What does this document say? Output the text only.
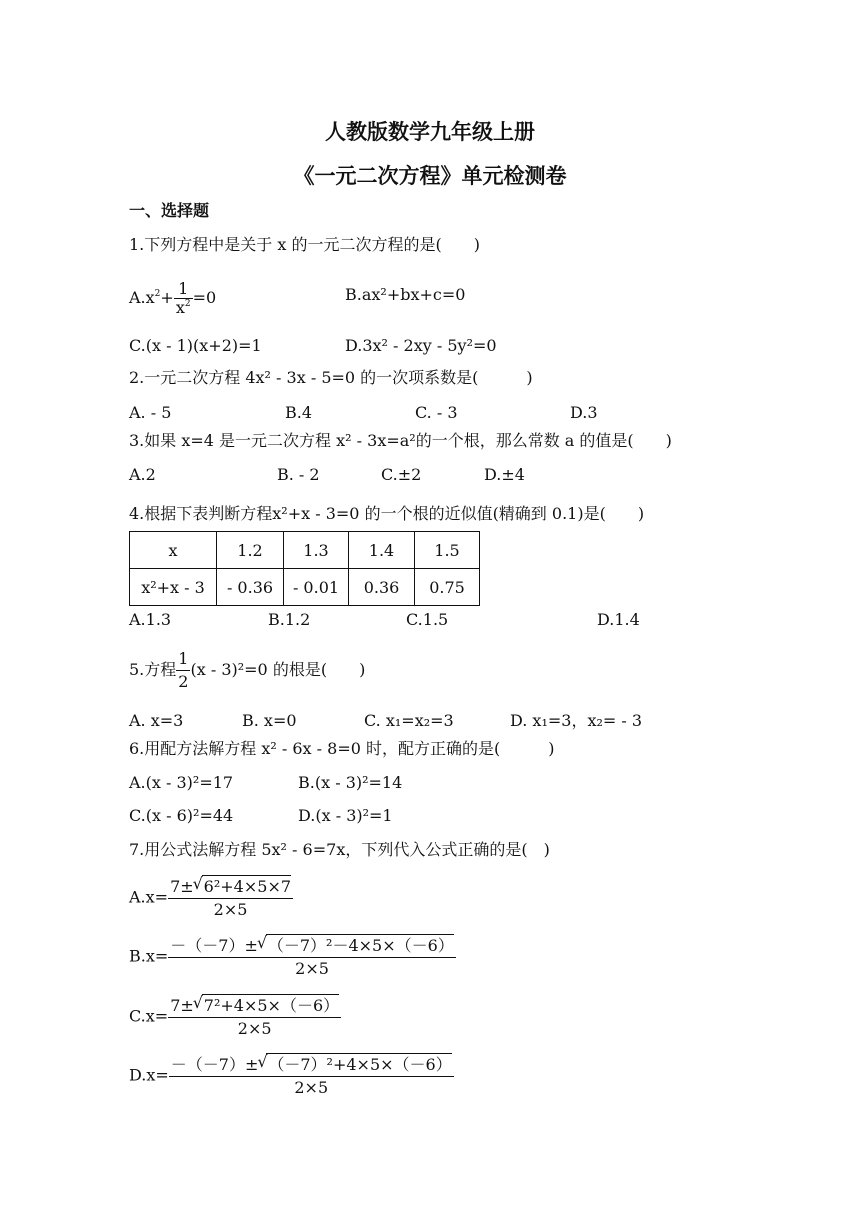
人教版数学九年级上册
《一元二次方程》单元检测卷
一、选择题
1.下列方程中是关于 x 的一元二次方程的是(　　)
$A.x^2+ \frac{1}{x^2} =0$	B.ax²+bx+c=0
C.(x - 1)(x+2)=1	D.3x² - 2xy - 5y²=0
2.一元二次方程 4x² - 3x - 5=0 的一次项系数是(　　　)
A. - 5	B.4	C. - 3	D.3
3.如果 x=4 是一元二次方程 x² - 3x=a²的一个根，那么常数 a 的值是(　　)
A.2	B. - 2	C.±2	D.±4
4.根据下表判断方程x²+x - 3=0 的一个根的近似值(精确到 0.1)是(　　)
x	1.2	1.3	1.4	1.5
x²+x - 3	- 0.36	- 0.01	0.36	0.75
A.1.3	B.1.2	C.1.5	D.1.4
5.方程 $\frac{1}{2} (x - 3)^2=0$ 的根是(　　)
A. x=3	B. x=0	C. x₁=x₂=3	D. x₁=3，x₂= - 3
6.用配方法解方程 x² - 6x - 8=0 时，配方正确的是(　　　)
A.(x - 3)²=17	B.(x - 3)²=14
C.(x - 6)²=44	D.(x - 3)²=1
7.用公式法解方程 5x² - 6=7x，下列代入公式正确的是(　)
$A.x= \frac{\text{7± √ 6²+4×5×7}}{2\times 5}$
$B.x= \frac{\text{－（－7）± √ （－7）²－4×5×（－6）}}{2\times 5}$
$C.x= \frac{\text{7± √ 7²+4×5×（－6）}}{2\times 5}$
$D.x= \frac{\text{－（－7）± √ （－7）²+4×5×（－6）}}{2\times 5}$
